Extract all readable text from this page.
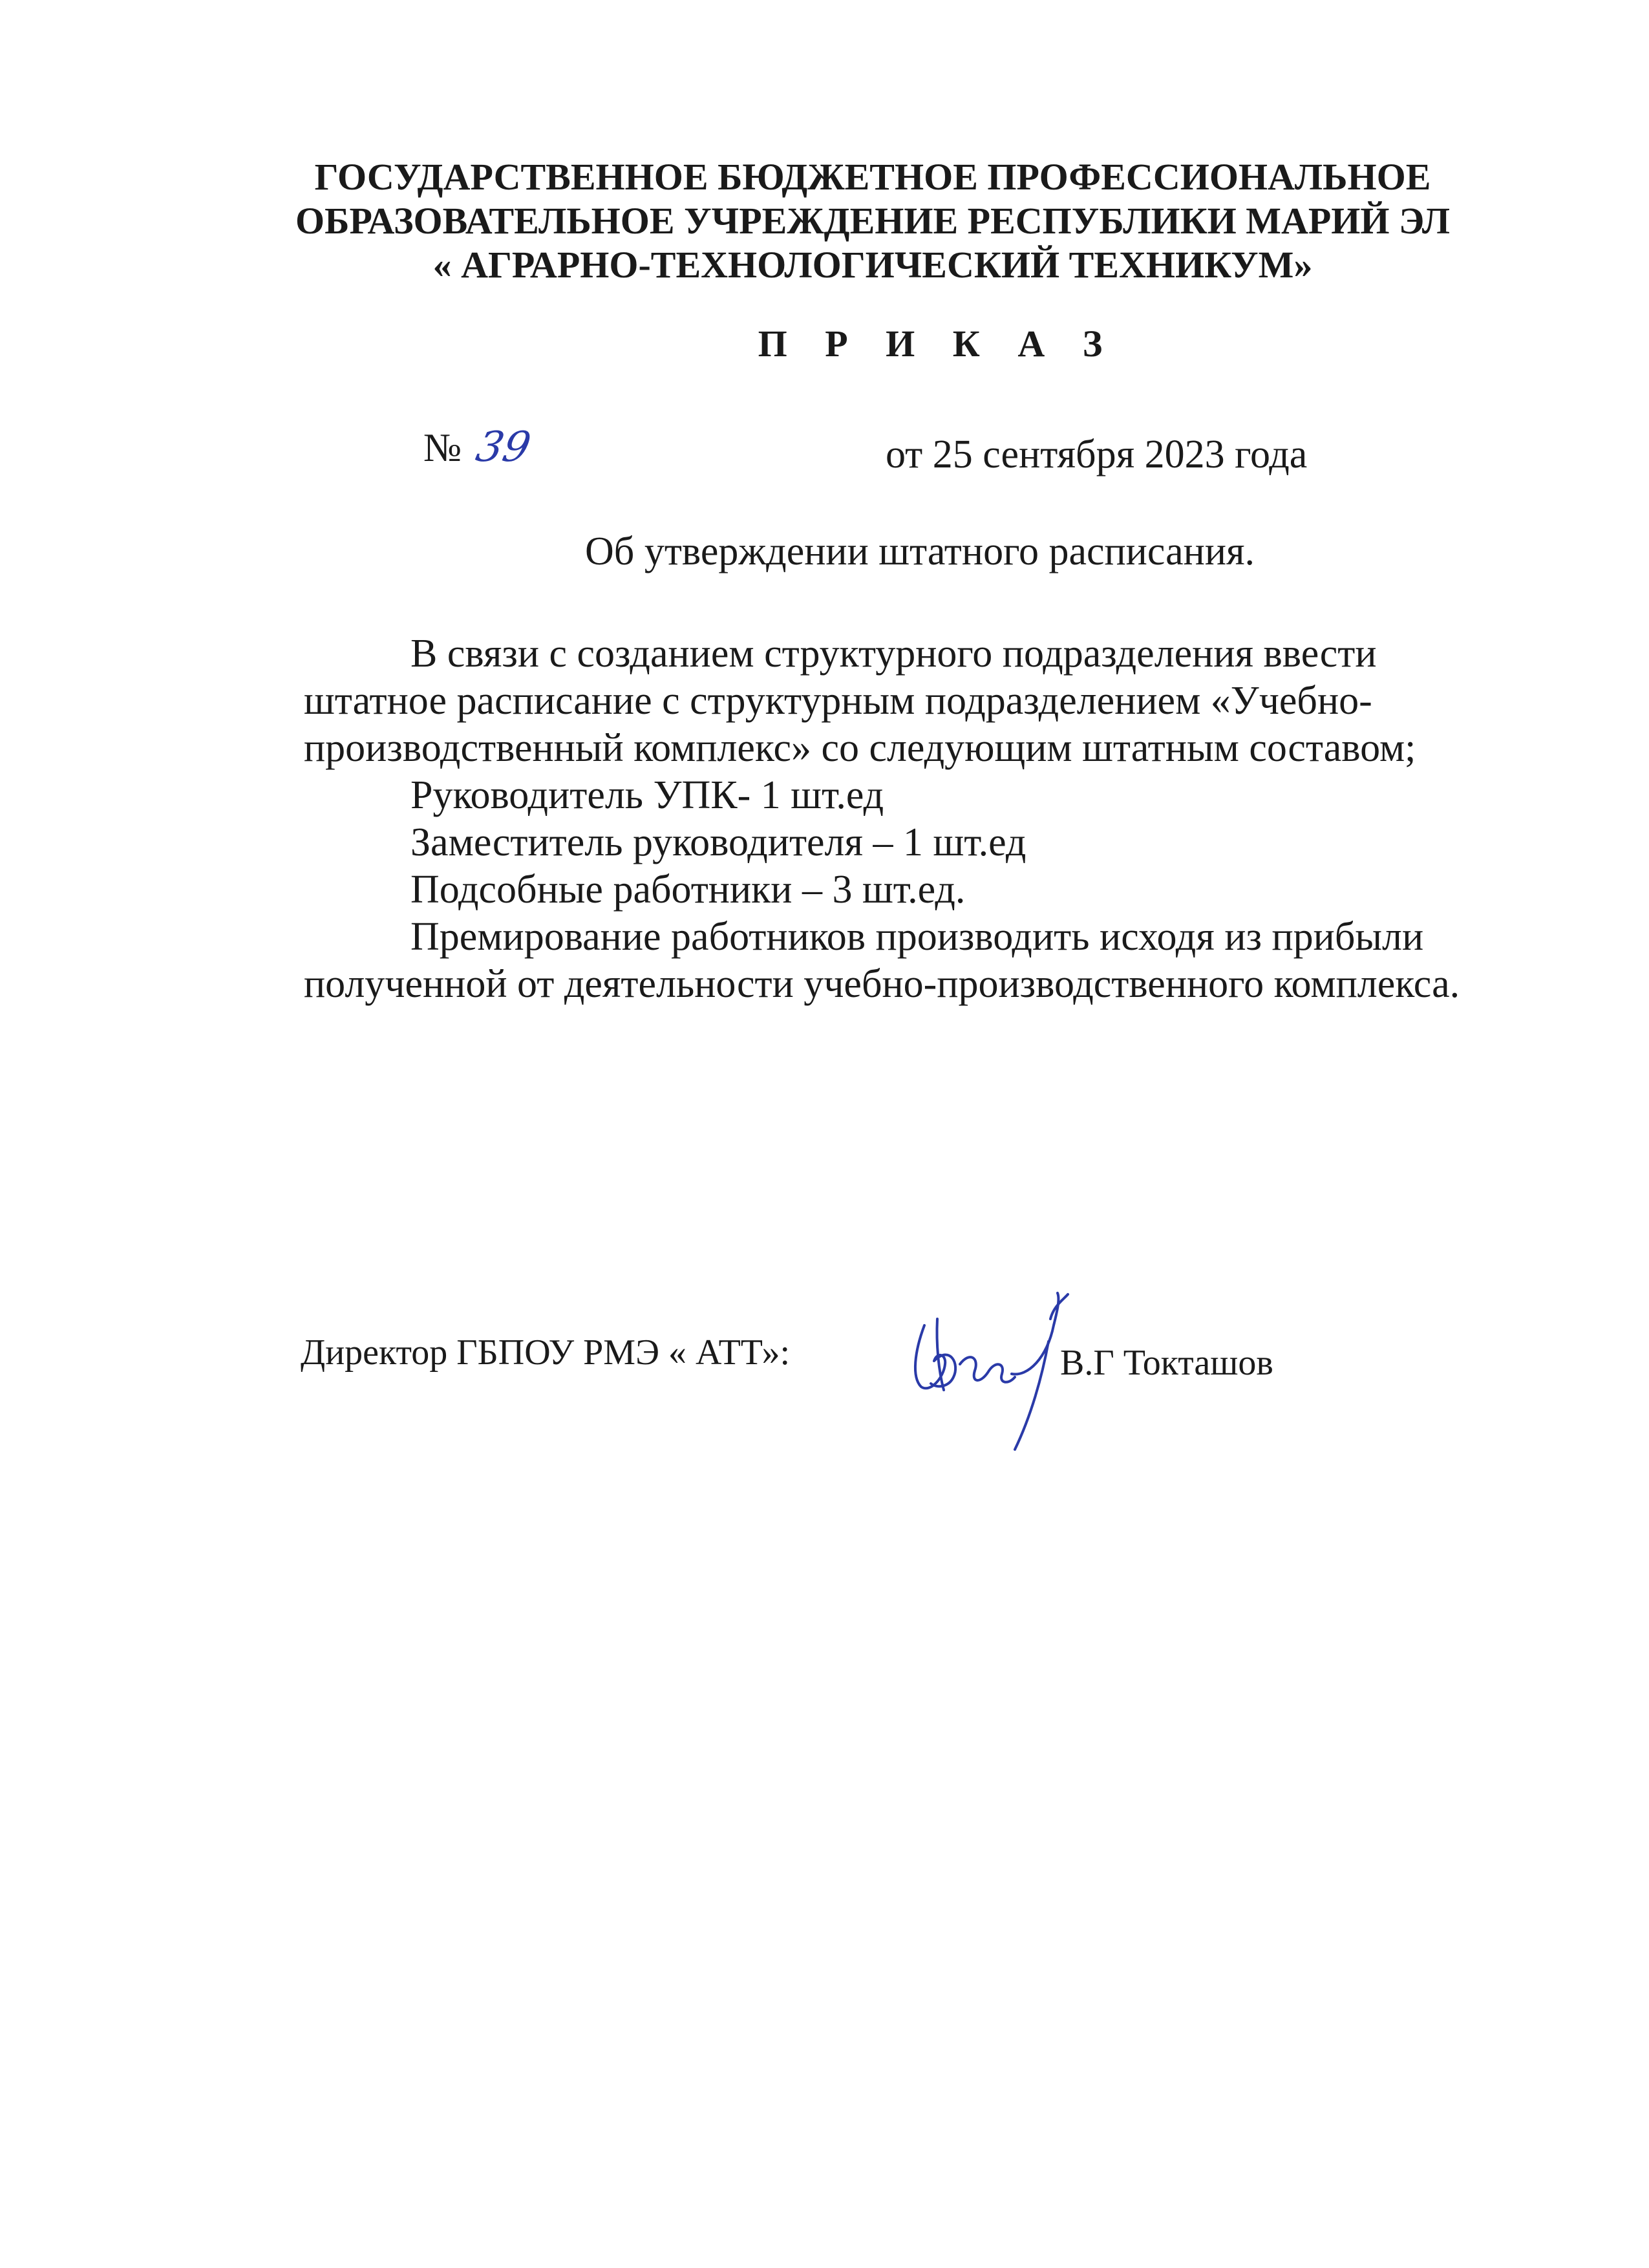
ГОСУДАРСТВЕННОЕ БЮДЖЕТНОЕ ПРОФЕССИОНАЛЬНОЕ
ОБРАЗОВАТЕЛЬНОЕ УЧРЕЖДЕНИЕ РЕСПУБЛИКИ МАРИЙ ЭЛ
« АГРАРНО-ТЕХНОЛОГИЧЕСКИЙ ТЕХНИКУМ»
П Р И К А З
№ 39	от 25 сентября 2023 года
Об утверждении штатного расписания.
В связи с созданием структурного подразделения ввести
штатное расписание с структурным подразделением «Учебно-
производственный комплекс» со следующим штатным составом;
Руководитель УПК- 1 шт.ед
Заместитель руководителя – 1 шт.ед
Подсобные работники – 3 шт.ед.
Премирование работников производить исходя из прибыли
полученной от деятельности учебно-производственного комплекса.
Директор ГБПОУ РМЭ « АТТ»:	В.Г Токташов
